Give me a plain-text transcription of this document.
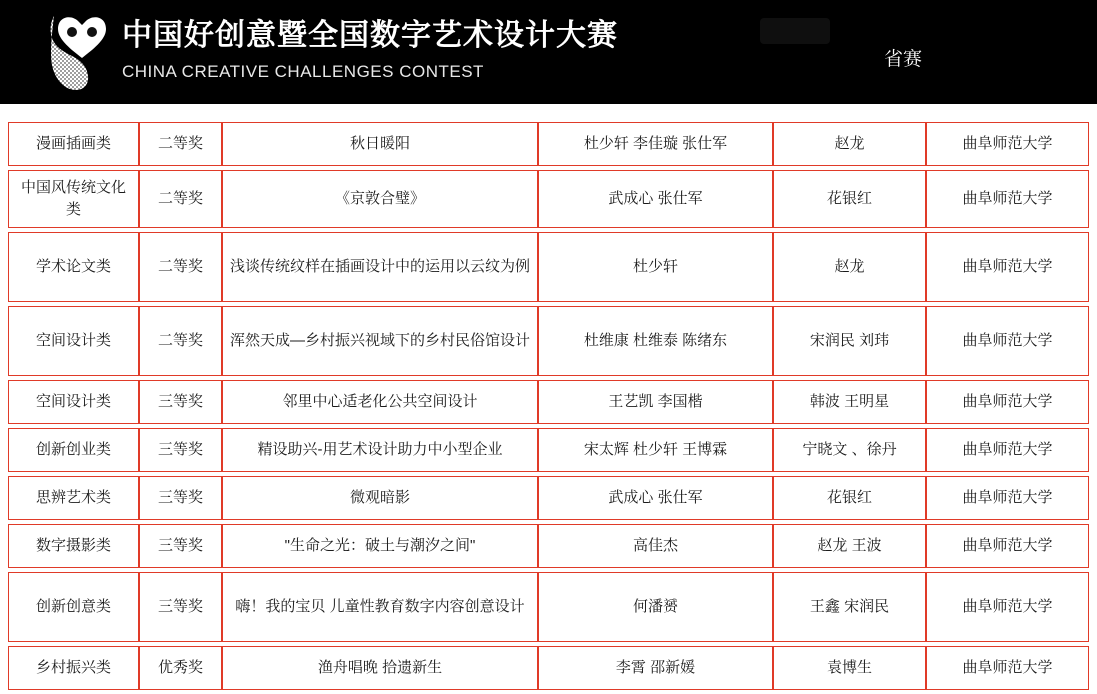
中国好创意暨全国数字艺术设计大赛
CHINA CREATIVE CHALLENGES CONTEST
省赛
漫画插画类	二等奖	秋日暖阳	杜少轩 李佳璇 张仕军	赵龙	曲阜师范大学
中国风传统文化类	二等奖	《京敦合璧》	武成心 张仕军	花银红	曲阜师范大学
学术论文类	二等奖	浅谈传统纹样在插画设计中的运用以云纹为例	杜少轩	赵龙	曲阜师范大学
空间设计类	二等奖	浑然天成—乡村振兴视域下的乡村民俗馆设计	杜维康 杜维泰 陈绪东	宋润民 刘玮	曲阜师范大学
空间设计类	三等奖	邻里中心适老化公共空间设计	王艺凯 李国楷	韩波 王明星	曲阜师范大学
创新创业类	三等奖	精设助兴-用艺术设计助力中小型企业	宋太辉 杜少轩 王博霖	宁晓文 、徐丹	曲阜师范大学
思辨艺术类	三等奖	微观暗影	武成心 张仕军	花银红	曲阜师范大学
数字摄影类	三等奖	"生命之光：破土与潮汐之间"	高佳杰	赵龙 王波	曲阜师范大学
创新创意类	三等奖	嗨！我的宝贝 儿童性教育数字内容创意设计	何潘赟	王鑫 宋润民	曲阜师范大学
乡村振兴类	优秀奖	渔舟唱晚 拾遗新生	李霄 邵新媛	袁博生	曲阜师范大学
